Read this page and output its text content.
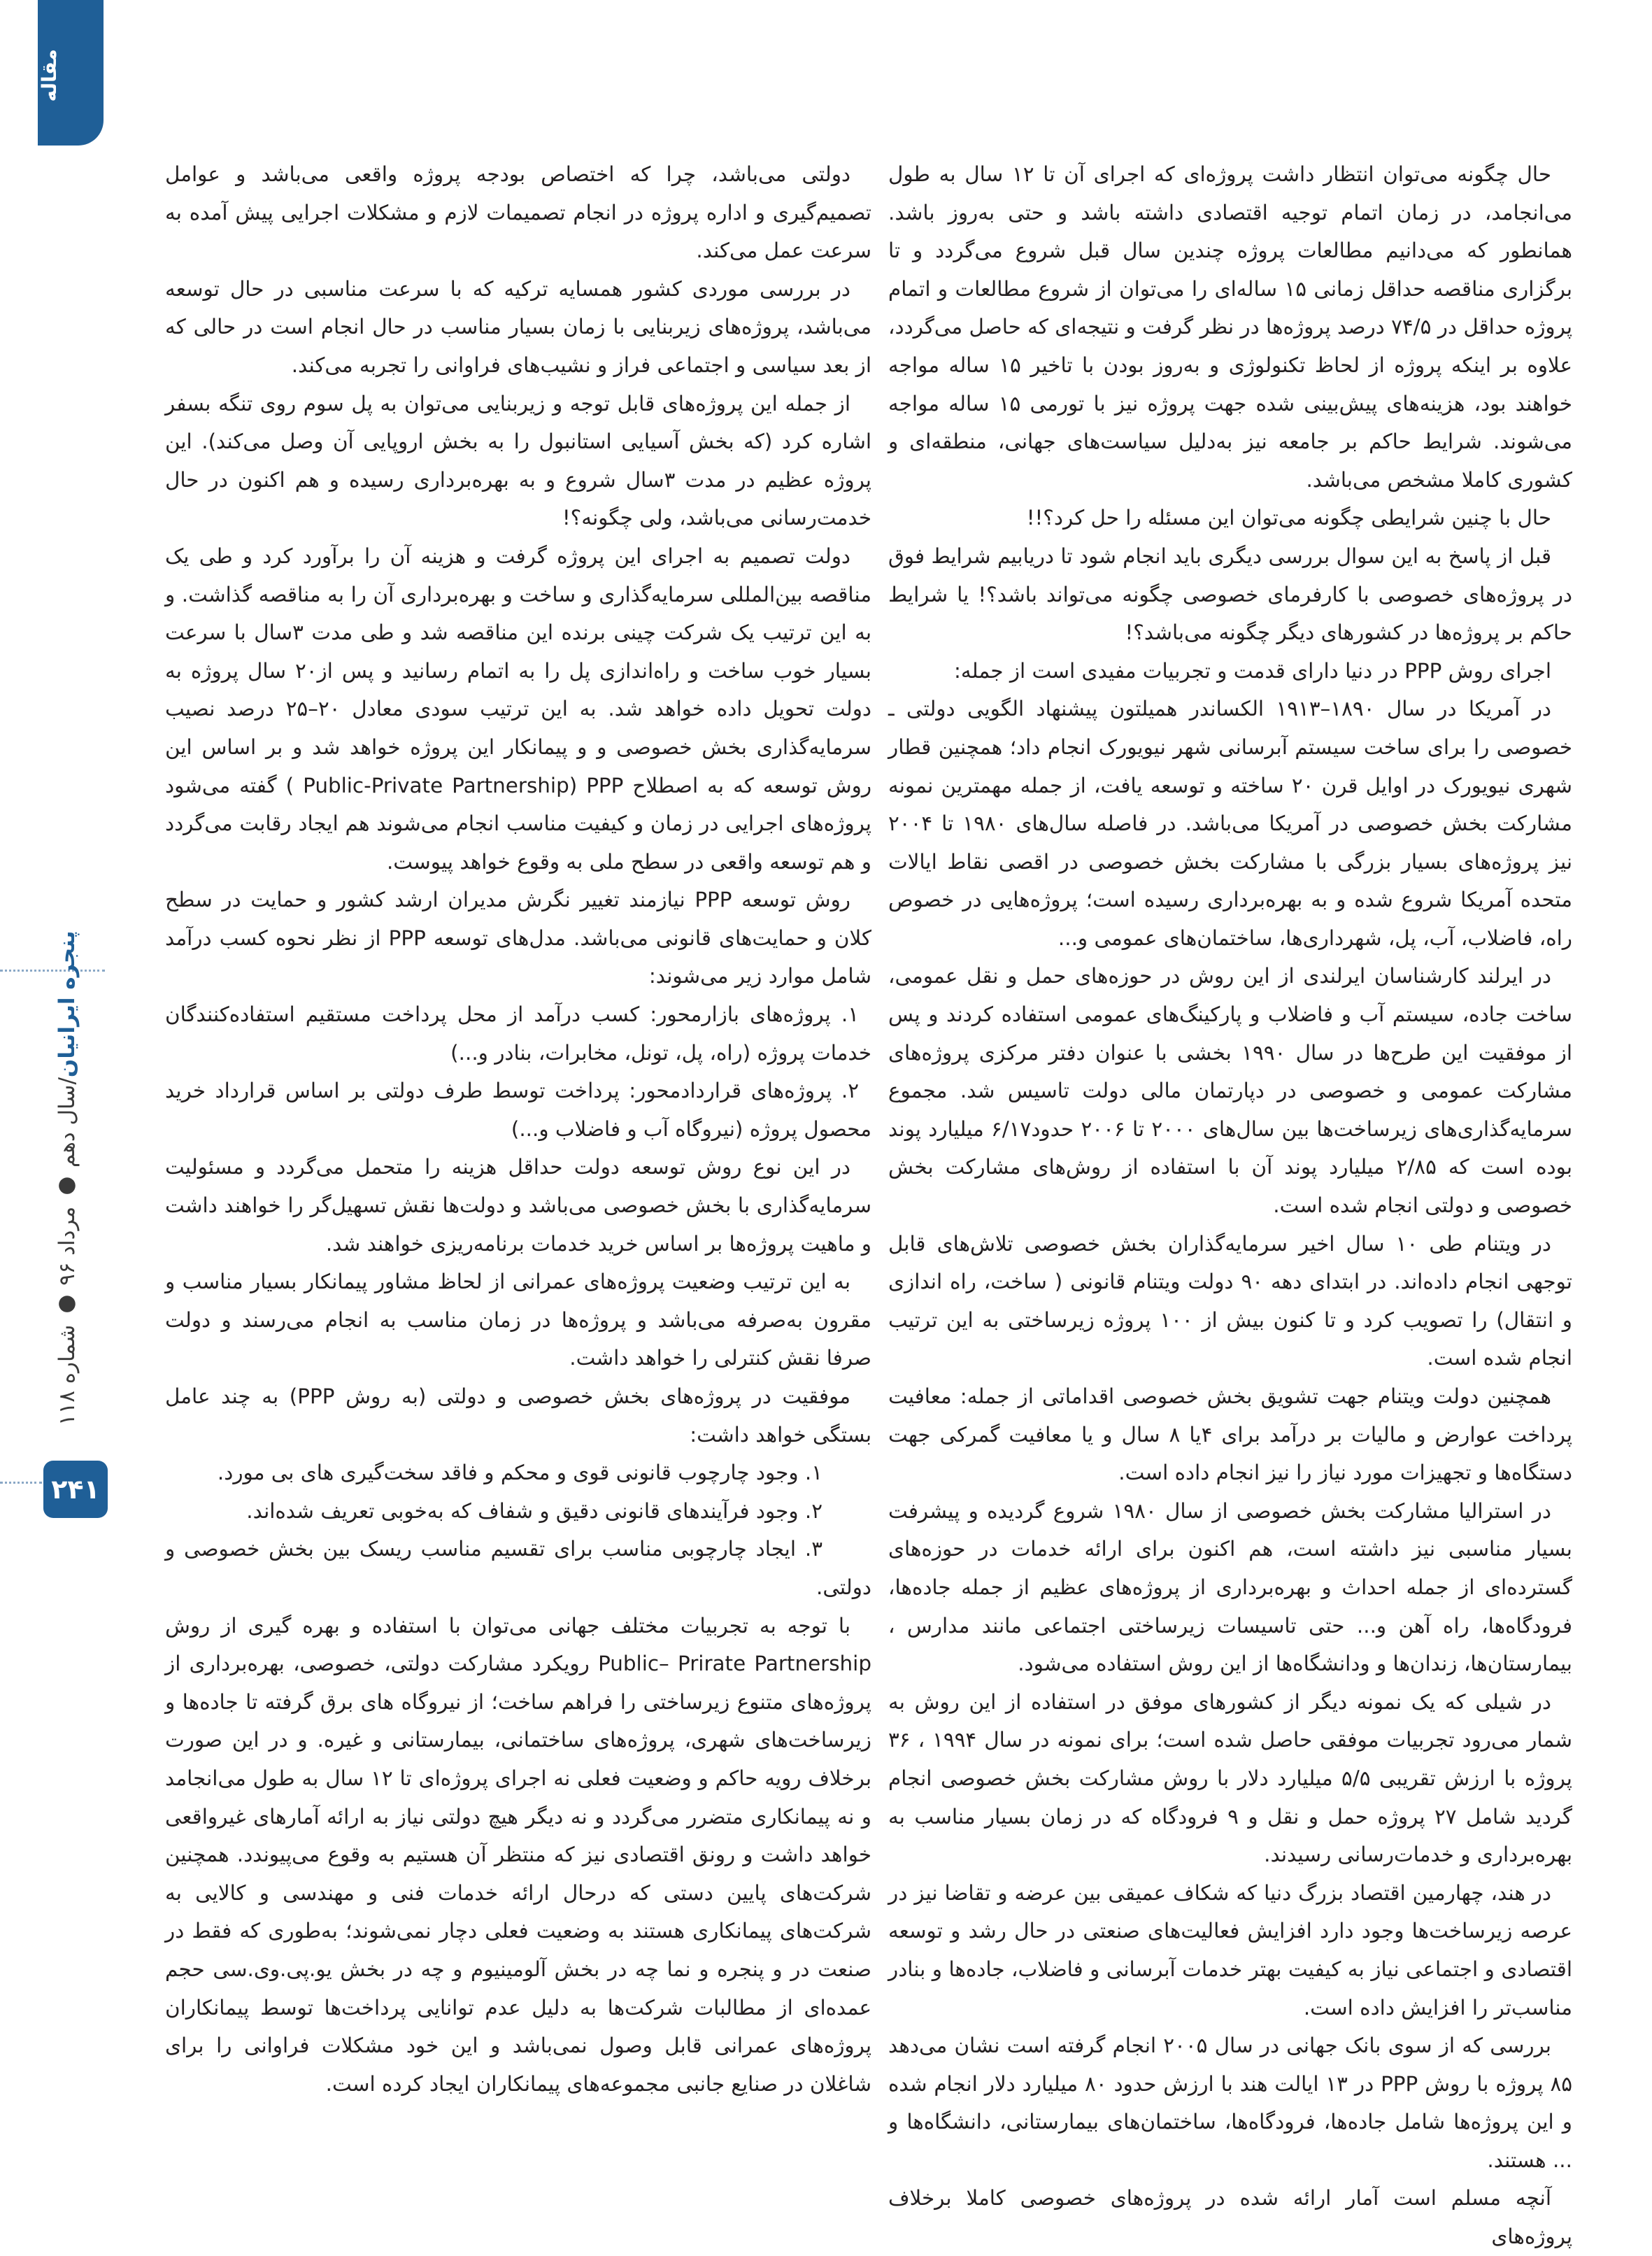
مقاله
پنجره ایرانیان/سال دهم ● مرداد ۹۶ ● شماره ۱۱۸
۲۴۱

حال چگونه می‌توان انتظار داشت پروژه‌ای که اجرای آن تا ۱۲ سال به طول می‌انجامد، در زمان اتمام توجیه اقتصادی داشته باشد و حتی به‌روز باشد. همانطور که می‌دانیم مطالعات پروژه چندین سال قبل شروع می‌گردد و تا برگزاری مناقصه حداقل زمانی ۱۵ ساله‌ای را می‌توان از شروع مطالعات و اتمام پروژه حداقل در ۷۴/۵ درصد پروژه‌ها در نظر گرفت و نتیجه‌ای که حاصل می‌گردد، علاوه بر اینکه پروژه از لحاظ تکنولوژی و به‌روز بودن با تاخیر ۱۵ ساله مواجه خواهند بود، هزینه‌های پیش‌بینی شده جهت پروژه نیز با تورمی ۱۵ ساله مواجه می‌شوند. شرایط حاکم بر جامعه نیز به‌دلیل سیاست‌های جهانی، منطقه‌ای و کشوری کاملا مشخص می‌باشد.

حال با چنین شرایطی چگونه می‌توان این مسئله را حل کرد؟!!

قبل از پاسخ به این سوال بررسی دیگری باید انجام شود تا دریابیم شرایط فوق در پروژه‌های خصوصی با کارفرمای خصوصی چگونه می‌تواند باشد؟! یا شرایط حاکم بر پروژه‌ها در کشورهای دیگر چگونه می‌باشد؟!

اجرای روش PPP در دنیا دارای قدمت و تجربیات مفیدی است از جمله:

در آمریکا در سال ۱۸۹۰–۱۹۱۳ الکساندر همیلتون پیشنهاد الگویی دولتی ـ خصوصی را برای ساخت سیستم آبرسانی شهر نیویورک انجام داد؛ همچنین قطار شهری نیویورک در اوایل قرن ۲۰ ساخته و توسعه یافت، از جمله مهمترین نمونه مشارکت بخش خصوصی در آمریکا می‌باشد. در فاصله سال‌های ۱۹۸۰ تا ۲۰۰۴ نیز پروژه‌های بسیار بزرگی با مشارکت بخش خصوصی در اقصی نقاط ایالات متحده آمریکا شروع شده و به بهره‌برداری رسیده است؛ پروژه‌هایی در خصوص راه، فاضلاب، آب، پل، شهرداری‌ها، ساختمان‌های عمومی و...

در ایرلند کارشناسان ایرلندی از این روش در حوزه‌های حمل و نقل عمومی، ساخت جاده، سیستم آب و فاضلاب و پارکینگ‌های عمومی استفاده کردند و پس از موفقیت این طرح‌ها در سال ۱۹۹۰ بخشی با عنوان دفتر مرکزی پروژه‌های مشارکت عمومی و خصوصی در دپارتمان مالی دولت تاسیس شد. مجموع سرمایه‌گذاری‌های زیرساخت‌ها بین سال‌های ۲۰۰۰ تا ۲۰۰۶ حدود۶/۱۷ میلیارد پوند بوده است که ۲/۸۵ میلیارد پوند آن با استفاده از روش‌های مشارکت بخش خصوصی و دولتی انجام شده است.

در ویتنام طی ۱۰ سال اخیر سرمایه‌گذاران بخش خصوصی تلاش‌های قابل توجهی انجام داده‌اند. در ابتدای دهه ۹۰ دولت ویتنام قانونی ( ساخت، راه اندازی و انتقال) را تصویب کرد و تا کنون بیش از ۱۰۰ پروژه زیرساختی به این ترتیب انجام شده است.

همچنین دولت ویتنام جهت تشویق بخش خصوصی اقداماتی از جمله: معافیت پرداخت عوارض و مالیات بر درآمد برای ۴یا ۸ سال و یا معافیت گمرکی جهت دستگاه‌ها و تجهیزات مورد نیاز را نیز انجام داده است.

در استرالیا مشارکت بخش خصوصی از سال ۱۹۸۰ شروع گردیده و پیشرفت بسیار مناسبی نیز داشته است، هم اکنون برای ارائه خدمات در حوزه‌های گسترده‌ای از جمله احداث و بهره‌برداری از پروژه‌های عظیم از جمله جاده‌ها، فرودگاه‌ها، راه آهن و... حتی تاسیسات زیرساختی اجتماعی مانند مدارس ، بیمارستان‌ها، زندان‌ها و ودانشگاه‌ها از این روش استفاده می‌شود.

در شیلی که یک نمونه دیگر از کشورهای موفق در استفاده از این روش به شمار می‌رود تجربیات موفقی حاصل شده است؛ برای نمونه در سال ۱۹۹۴ ، ۳۶ پروژه با ارزش تقریبی ۵/۵ میلیارد دلار با روش مشارکت بخش خصوصی انجام گردید شامل ۲۷ پروژه حمل و نقل و ۹ فرودگاه که در زمان بسیار مناسب به بهره‌برداری و خدمات‌رسانی رسیدند.

در هند، چهارمین اقتصاد بزرگ دنیا که شکاف عمیقی بین عرضه و تقاضا نیز در عرصه زیرساخت‌ها وجود دارد افزایش فعالیت‌های صنعتی در حال رشد و توسعه اقتصادی و اجتماعی نیاز به کیفیت بهتر خدمات آبرسانی و فاضلاب، جاده‌ها و بنادر مناسب‌تر را افزایش داده است.

بررسی که از سوی بانک جهانی در سال ۲۰۰۵ انجام گرفته است نشان می‌دهد ۸۵ پروژه با روش PPP در ۱۳ ایالت هند با ارزش حدود ۸۰ میلیارد دلار انجام شده و این پروژه‌ها شامل جاده‌ها، فرودگاه‌ها، ساختمان‌های بیمارستانی، دانشگاه‌ها و ... هستند.

آنچه مسلم است آمار ارائه شده در پروژه‌های خصوصی کاملا برخلاف پروژه‌های

دولتی می‌باشد، چرا که اختصاص بودجه پروژه واقعی می‌باشد و عوامل تصمیم‌گیری و اداره پروژه در انجام تصمیمات لازم و مشکلات اجرایی پیش آمده به سرعت عمل می‌کند.

در بررسی موردی کشور همسایه ترکیه که با سرعت مناسبی در حال توسعه می‌باشد، پروژه‌های زیربنایی با زمان بسیار مناسب در حال انجام است در حالی که از بعد سیاسی و اجتماعی فراز و نشیب‌های فراوانی را تجربه می‌کند.

از جمله این پروژه‌های قابل توجه و زیربنایی می‌توان به پل سوم روی تنگه بسفر اشاره کرد (که بخش آسیایی استانبول را به بخش اروپایی آن وصل می‌کند). این پروژه عظیم در مدت ۳سال شروع و به بهره‌برداری رسیده و هم اکنون در حال خدمت‌رسانی می‌باشد، ولی چگونه؟!

دولت تصمیم به اجرای این پروژه گرفت و هزینه آن را برآورد کرد و طی یک مناقصه بین‌المللی سرمایه‌گذاری و ساخت و بهره‌برداری آن را به مناقصه گذاشت. و به این ترتیب یک شرکت چینی برنده این مناقصه شد و طی مدت ۳سال با سرعت بسیار خوب ساخت و راه‌اندازی پل را به اتمام رسانید و پس از۲۰ سال پروژه به دولت تحویل داده خواهد شد. به این ترتیب سودی معادل ۲۰–۲۵ درصد نصیب سرمایه‌گذاری بخش خصوصی و و پیمانکار این پروژه خواهد شد و بر اساس این روش توسعه که به اصطلاح Public-Private Partnership) PPP ) گفته می‌شود پروژه‌های اجرایی در زمان و کیفیت مناسب انجام می‌شوند هم ایجاد رقابت می‌گردد و هم توسعه واقعی در سطح ملی به وقوع خواهد پیوست.

روش توسعه PPP نیازمند تغییر نگرش مدیران ارشد کشور و حمایت در سطح کلان و حمایت‌های قانونی می‌باشد. مدل‌های توسعه PPP از نظر نحوه کسب درآمد شامل موارد زیر می‌شوند:

۱. پروژه‌های بازارمحور: کسب درآمد از محل پرداخت مستقیم استفاده‌کنندگان خدمات پروژه (راه، پل، تونل، مخابرات، بنادر و...)

۲. پروژه‌های قراردادمحور: پرداخت توسط طرف دولتی بر اساس قرارداد خرید محصول پروژه (نیروگاه آب و فاضلاب و...)

در این نوع روش توسعه دولت حداقل هزینه را متحمل می‌گردد و مسئولیت سرمایه‌گذاری با بخش خصوصی می‌باشد و دولت‌ها نقش تسهیل‌گر را خواهند داشت و ماهیت پروژه‌ها بر اساس خرید خدمات برنامه‌ریزی خواهند شد.

به این ترتیب وضعیت پروژه‌های عمرانی از لحاظ مشاور پیمانکار بسیار مناسب و مقرون به‌صرفه می‌باشد و پروژه‌ها در زمان مناسب به انجام می‌رسند و دولت صرفا نقش کنترلی را خواهد داشت.

موفقیت در پروژه‌های بخش خصوصی و دولتی (به روش PPP) به چند عامل بستگی خواهد داشت:

۱. وجود چارچوب قانونی قوی و محکم و فاقد سخت‌گیری های بی مورد.

۲. وجود فرآیندهای قانونی دقیق و شفاف که به‌خوبی تعریف شده‌اند.

۳. ایجاد چارچوبی مناسب برای تقسیم مناسب ریسک بین بخش خصوصی و دولتی.

با توجه به تجربیات مختلف جهانی می‌توان با استفاده و بهره گیری از روش Public– Prirate Partnership رویکرد مشارکت دولتی، خصوصی، بهره‌برداری از پروژه‌های متنوع زیرساختی را فراهم ساخت؛ از نیروگاه های برق گرفته تا جاده‌ها و زیرساخت‌های شهری، پروژه‌های ساختمانی، بیمارستانی و غیره. و در این صورت برخلاف رویه حاکم و وضعیت فعلی نه اجرای پروژه‌ای تا ۱۲ سال به طول می‌انجامد و نه پیمانکاری متضرر می‌گردد و نه دیگر هیچ دولتی نیاز به ارائه آمارهای غیرواقعی خواهد داشت و رونق اقتصادی نیز که منتظر آن هستیم به وقوع می‌پیوندد. همچنین شرکت‌های پایین دستی که درحال ارائه خدمات فنی و مهندسی و کالایی به شرکت‌های پیمانکاری هستند به وضعیت فعلی دچار نمی‌شوند؛ به‌طوری که فقط در صنعت در و پنجره و نما چه در بخش آلومینیوم و چه در بخش یو.پی.وی.سی حجم عمده‌ای از مطالبات شرکت‌ها به دلیل عدم توانایی پرداخت‌ها توسط پیمانکاران پروژه‌های عمرانی قابل وصول نمی‌باشد و این خود مشکلات فراوانی را برای شاغلان در صنایع جانبی مجموعه‌های پیمانکاران ایجاد کرده است.
